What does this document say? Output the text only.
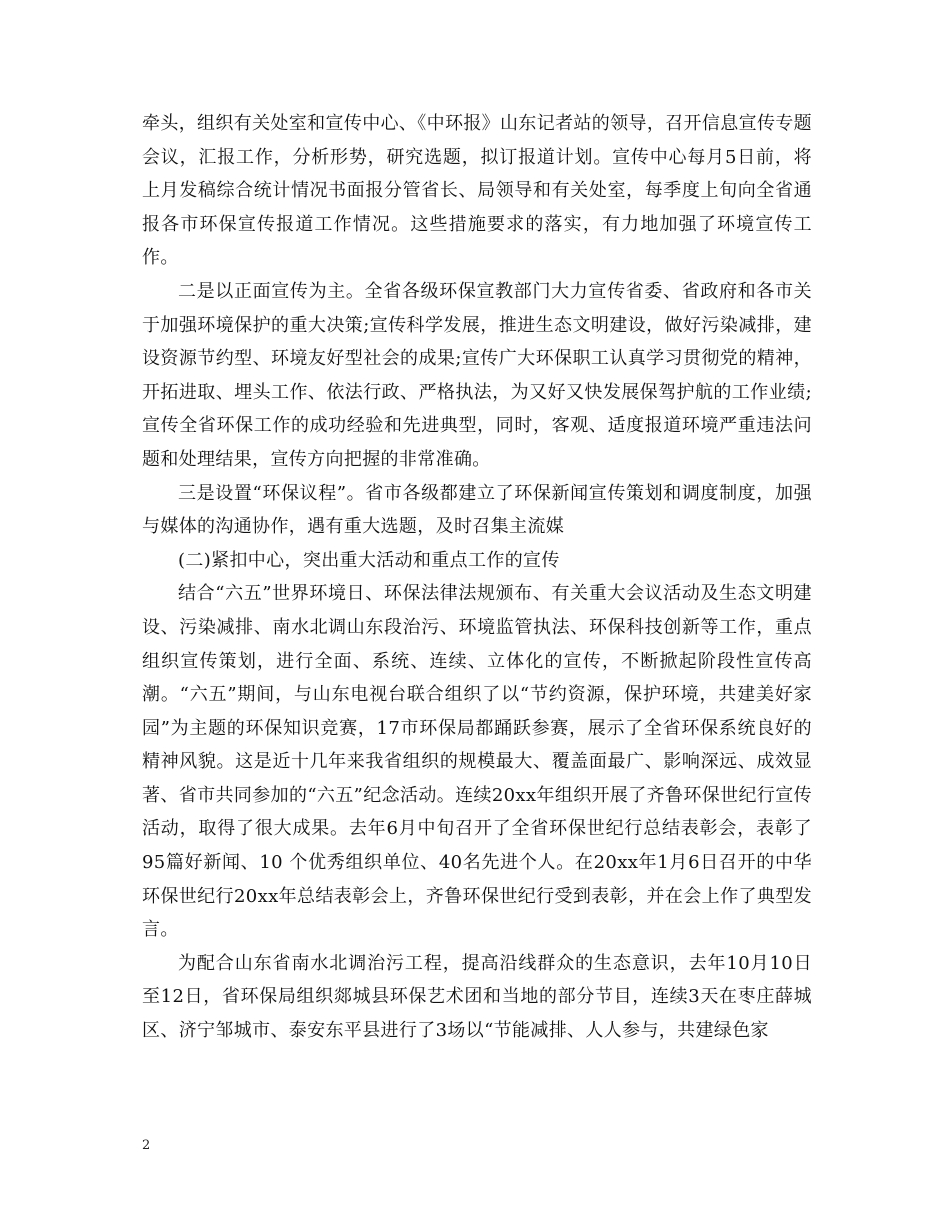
牵头，组织有关处室和宣传中心、《中环报》山东记者站的领导，召开信息宣传专题会议，汇报工作，分析形势，研究选题，拟订报道计划。宣传中心每月5日前，将上月发稿综合统计情况书面报分管省长、局领导和有关处室，每季度上旬向全省通报各市环保宣传报道工作情况。这些措施要求的落实，有力地加强了环境宣传工作。

二是以正面宣传为主。全省各级环保宣教部门大力宣传省委、省政府和各市关于加强环境保护的重大决策;宣传科学发展，推进生态文明建设，做好污染减排，建设资源节约型、环境友好型社会的成果;宣传广大环保职工认真学习贯彻党的精神，开拓进取、埋头工作、依法行政、严格执法，为又好又快发展保驾护航的工作业绩;宣传全省环保工作的成功经验和先进典型，同时，客观、适度报道环境严重违法问题和处理结果，宣传方向把握的非常准确。

三是设置“环保议程”。省市各级都建立了环保新闻宣传策划和调度制度，加强与媒体的沟通协作，遇有重大选题，及时召集主流媒

(二)紧扣中心，突出重大活动和重点工作的宣传

结合“六五”世界环境日、环保法律法规颁布、有关重大会议活动及生态文明建设、污染减排、南水北调山东段治污、环境监管执法、环保科技创新等工作，重点组织宣传策划，进行全面、系统、连续、立体化的宣传，不断掀起阶段性宣传高潮。“六五”期间，与山东电视台联合组织了以“节约资源，保护环境，共建美好家园”为主题的环保知识竞赛，17市环保局都踊跃参赛，展示了全省环保系统良好的精神风貌。这是近十几年来我省组织的规模最大、覆盖面最广、影响深远、成效显著、省市共同参加的“六五”纪念活动。连续20xx年组织开展了齐鲁环保世纪行宣传活动，取得了很大成果。去年6月中旬召开了全省环保世纪行总结表彰会，表彰了95篇好新闻、10 个优秀组织单位、40名先进个人。在20xx年1月6日召开的中华环保世纪行20xx年总结表彰会上，齐鲁环保世纪行受到表彰，并在会上作了典型发言。

为配合山东省南水北调治污工程，提高沿线群众的生态意识，去年10月10日至12日，省环保局组织郯城县环保艺术团和当地的部分节目，连续3天在枣庄薛城区、济宁邹城市、泰安东平县进行了3场以“节能减排、人人参与，共建绿色家

2
